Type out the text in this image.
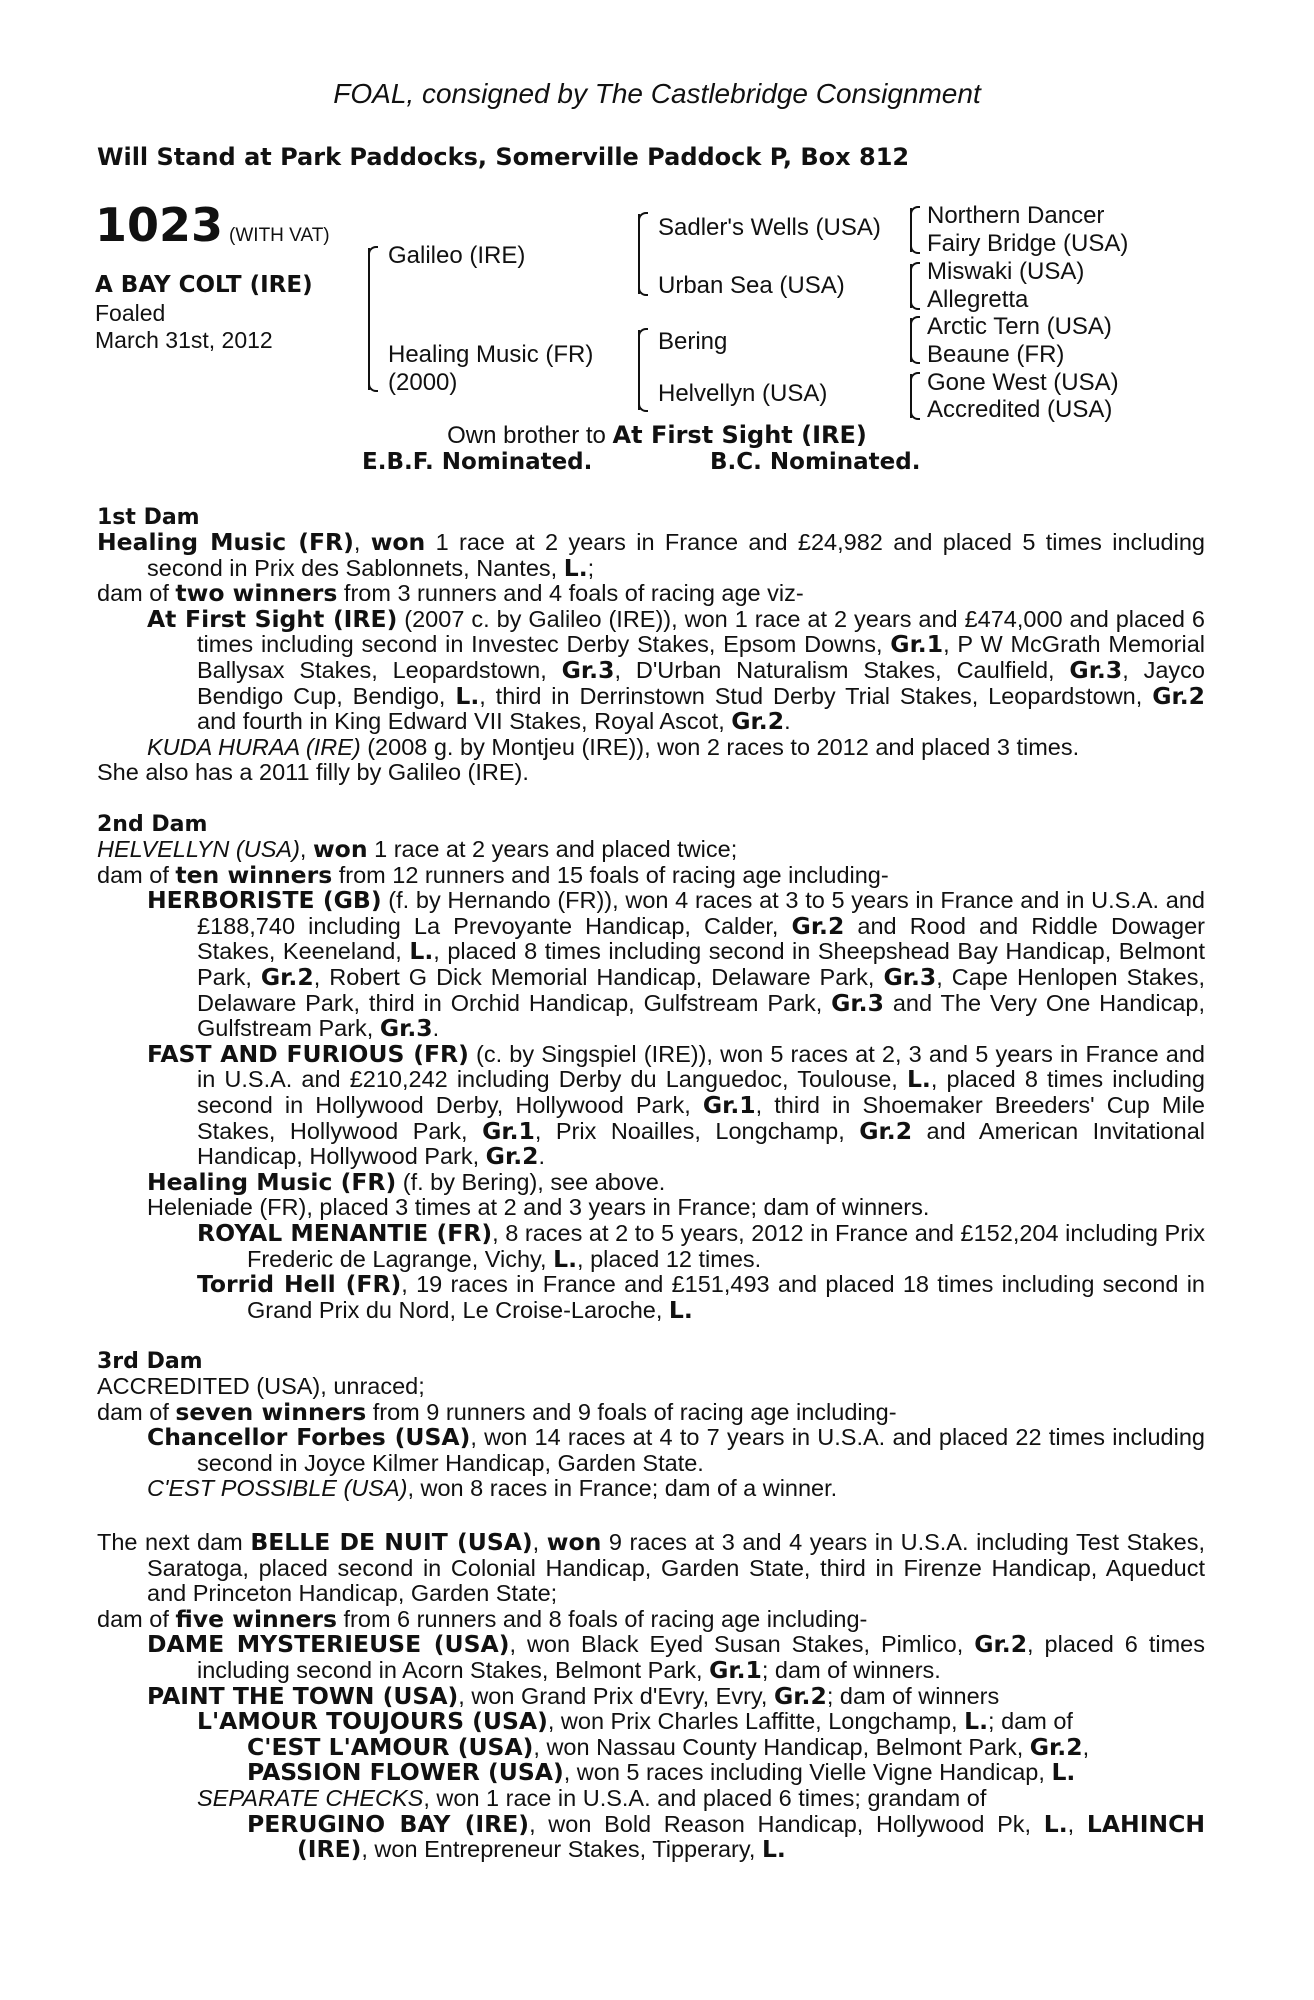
FOAL, consigned by The Castlebridge Consignment
Will Stand at Park Paddocks, Somerville Paddock P, Box 812
1023 (WITH VAT)
A BAY COLT (IRE)
Foaled
March 31st, 2012
Galileo (IRE)
Healing Music (FR)
(2000)
Sadler's Wells (USA)
Urban Sea (USA)
Bering
Helvellyn (USA)
Northern Dancer
Fairy Bridge (USA)
Miswaki (USA)
Allegretta
Arctic Tern (USA)
Beaune (FR)
Gone West (USA)
Accredited (USA)
Own brother to At First Sight (IRE)
E.B.F. Nominated.	B.C. Nominated.
1st Dam

Healing Music (FR), won 1 race at 2 years in France and £24,982 and placed 5 times including second in Prix des Sablonnets, Nantes, L.;

dam of two winners from 3 runners and 4 foals of racing age viz-

At First Sight (IRE) (2007 c. by Galileo (IRE)), won 1 race at 2 years and £474,000 and placed 6 times including second in Investec Derby Stakes, Epsom Downs, Gr.1, P W McGrath Memorial Ballysax Stakes, Leopardstown, Gr.3, D'Urban Naturalism Stakes, Caulfield, Gr.3, Jayco Bendigo Cup, Bendigo, L., third in Derrinstown Stud Derby Trial Stakes, Leopardstown, Gr.2 and fourth in King Edward VII Stakes, Royal Ascot, Gr.2.

KUDA HURAA (IRE) (2008 g. by Montjeu (IRE)), won 2 races to 2012 and placed 3 times.

She also has a 2011 filly by Galileo (IRE).

2nd Dam

HELVELLYN (USA), won 1 race at 2 years and placed twice;

dam of ten winners from 12 runners and 15 foals of racing age including-

HERBORISTE (GB) (f. by Hernando (FR)), won 4 races at 3 to 5 years in France and in U.S.A. and £188,740 including La Prevoyante Handicap, Calder, Gr.2 and Rood and Riddle Dowager Stakes, Keeneland, L., placed 8 times including second in Sheepshead Bay Handicap, Belmont Park, Gr.2, Robert G Dick Memorial Handicap, Delaware Park, Gr.3, Cape Henlopen Stakes, Delaware Park, third in Orchid Handicap, Gulfstream Park, Gr.3 and The Very One Handicap, Gulfstream Park, Gr.3.

FAST AND FURIOUS (FR) (c. by Singspiel (IRE)), won 5 races at 2, 3 and 5 years in France and in U.S.A. and £210,242 including Derby du Languedoc, Toulouse, L., placed 8 times including second in Hollywood Derby, Hollywood Park, Gr.1, third in Shoemaker Breeders' Cup Mile Stakes, Hollywood Park, Gr.1, Prix Noailles, Longchamp, Gr.2 and American Invitational Handicap, Hollywood Park, Gr.2.

Healing Music (FR) (f. by Bering), see above.

Heleniade (FR), placed 3 times at 2 and 3 years in France; dam of winners.

ROYAL MENANTIE (FR), 8 races at 2 to 5 years, 2012 in France and £152,204 including Prix Frederic de Lagrange, Vichy, L., placed 12 times.

Torrid Hell (FR), 19 races in France and £151,493 and placed 18 times including second in Grand Prix du Nord, Le Croise-Laroche, L.

3rd Dam

ACCREDITED (USA), unraced;

dam of seven winners from 9 runners and 9 foals of racing age including-

Chancellor Forbes (USA), won 14 races at 4 to 7 years in U.S.A. and placed 22 times including second in Joyce Kilmer Handicap, Garden State.

C'EST POSSIBLE (USA), won 8 races in France; dam of a winner.

The next dam BELLE DE NUIT (USA), won 9 races at 3 and 4 years in U.S.A. including Test Stakes, Saratoga, placed second in Colonial Handicap, Garden State, third in Firenze Handicap, Aqueduct and Princeton Handicap, Garden State;

dam of five winners from 6 runners and 8 foals of racing age including-

DAME MYSTERIEUSE (USA), won Black Eyed Susan Stakes, Pimlico, Gr.2, placed 6 times including second in Acorn Stakes, Belmont Park, Gr.1; dam of winners.

PAINT THE TOWN (USA), won Grand Prix d'Evry, Evry, Gr.2; dam of winners

L'AMOUR TOUJOURS (USA), won Prix Charles Laffitte, Longchamp, L.; dam of

C'EST L'AMOUR (USA), won Nassau County Handicap, Belmont Park, Gr.2,

PASSION FLOWER (USA), won 5 races including Vielle Vigne Handicap, L.

SEPARATE CHECKS, won 1 race in U.S.A. and placed 6 times; grandam of

PERUGINO BAY (IRE), won Bold Reason Handicap, Hollywood Pk, L., LAHINCH (IRE), won Entrepreneur Stakes, Tipperary, L.
